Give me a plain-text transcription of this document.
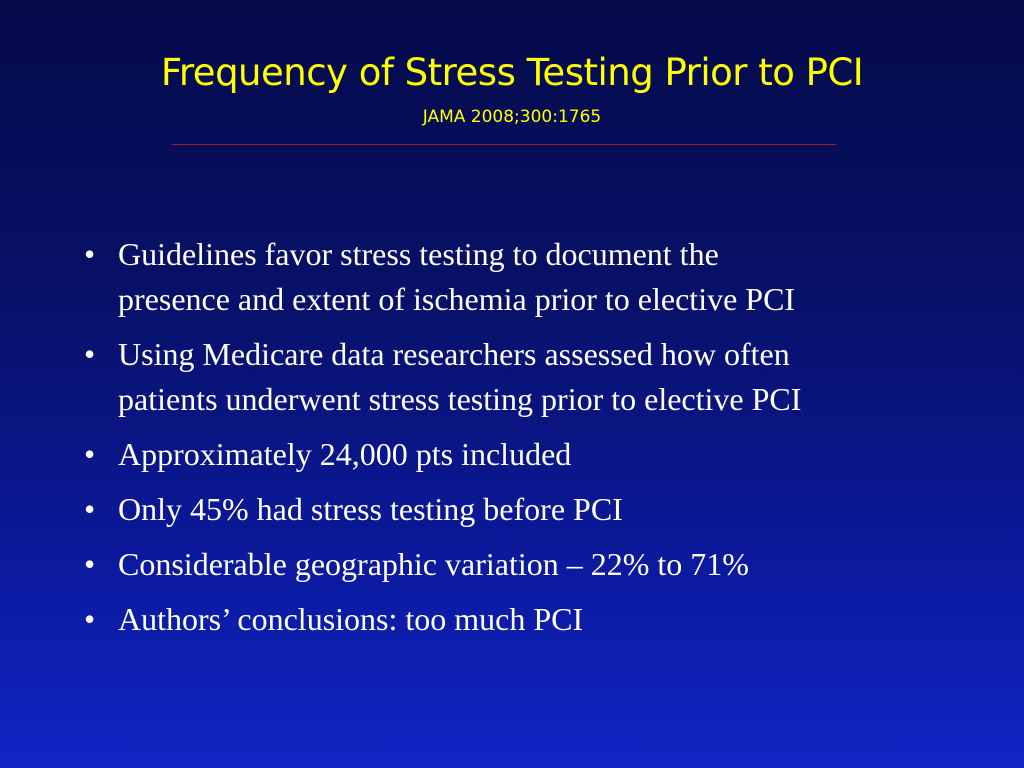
Frequency of Stress Testing Prior to PCI
JAMA 2008;300:1765
• Guidelines favor stress testing to document the
presence and extent of ischemia prior to elective PCI
• Using Medicare data researchers assessed how often
patients underwent stress testing prior to elective PCI
• Approximately 24,000 pts included
• Only 45% had stress testing before PCI
• Considerable geographic variation – 22% to 71%
• Authors’ conclusions: too much PCI
